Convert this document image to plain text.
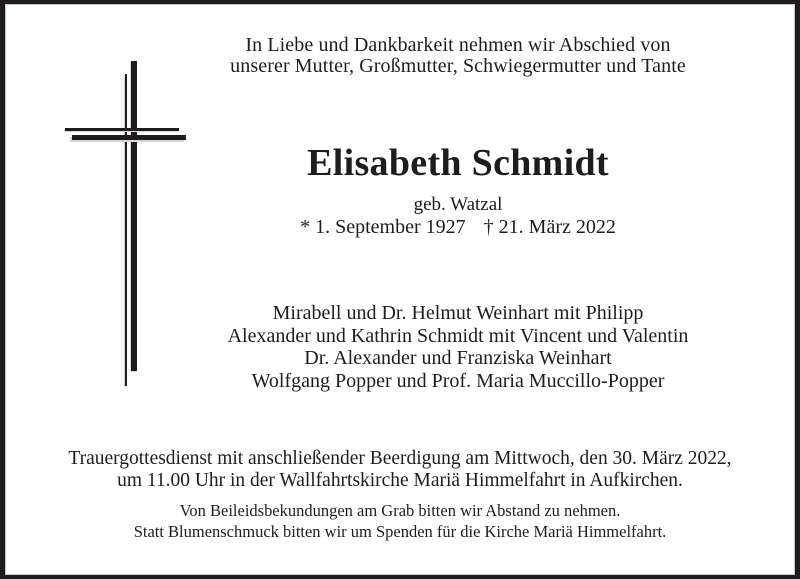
In Liebe und Dankbarkeit nehmen wir Abschied von
unserer Mutter, Großmutter, Schwiegermutter und Tante
Elisabeth Schmidt
geb. Watzal
* 1. September 1927 † 21. März 2022
Mirabell und Dr. Helmut Weinhart mit Philipp
Alexander und Kathrin Schmidt mit Vincent und Valentin
Dr. Alexander und Franziska Weinhart
Wolfgang Popper und Prof. Maria Muccillo-Popper
Trauergottesdienst mit anschließender Beerdigung am Mittwoch, den 30. März 2022,
um 11.00 Uhr in der Wallfahrtskirche Mariä Himmelfahrt in Aufkirchen.
Von Beileidsbekundungen am Grab bitten wir Abstand zu nehmen.
Statt Blumenschmuck bitten wir um Spenden für die Kirche Mariä Himmelfahrt.
